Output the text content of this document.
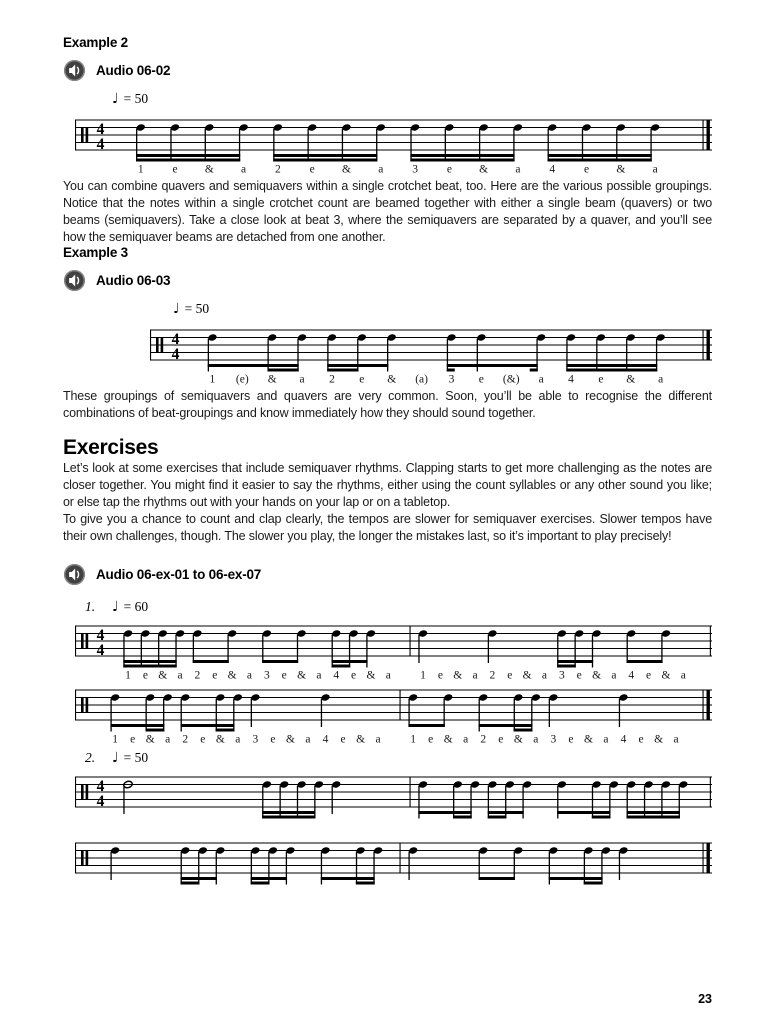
Example 2
Audio 06-02
♩ = 50
4
4
1	e & a	2	e & a	3	e & a	4	e & a

You can combine quavers and semiquavers within a single crotchet beat, too. Here are the various possible groupings. Notice that the notes within a single crotchet count are beamed together with either a single beam (quavers) or two beams (semiquavers). Take a close look at beat 3, where the semiquavers are separated by a quaver, and you’ll see how the semiquaver beams are detached from one another.

Example 3
Audio 06-03
♩ = 50
4
4
1 (e) & a 2 e & (a) 3 e (&) a 4 e & a

These groupings of semiquavers and quavers are very common. Soon, you’ll be able to recognise the different combinations of beat-groupings and know immediately how they should sound together.

Exercises

Let’s look at some exercises that include semiquaver rhythms. Clapping starts to get more challenging as the notes are closer together. You might find it easier to say the rhythms, either using the count syllables or any other sound you like; or else tap the rhythms out with your hands on your lap or on a tabletop.

To give you a chance to count and clap clearly, the tempos are slower for semiquaver exercises. Slower tempos have their own challenges, though. The slower you play, the longer the mistakes last, so it’s important to play precisely!

Audio 06-ex-01 to 06-ex-07
1.	♩ = 60
4
4
1 e & a 2 e & a 3 e & a 4 e & a	1 e & a 2 e & a 3 e & a 4 e & a
1 e & a 2 e & a 3 e & a 4 e & a	1 e & a 2 e & a 3 e & a 4 e & a
2.	♩ = 50
4
4
23
